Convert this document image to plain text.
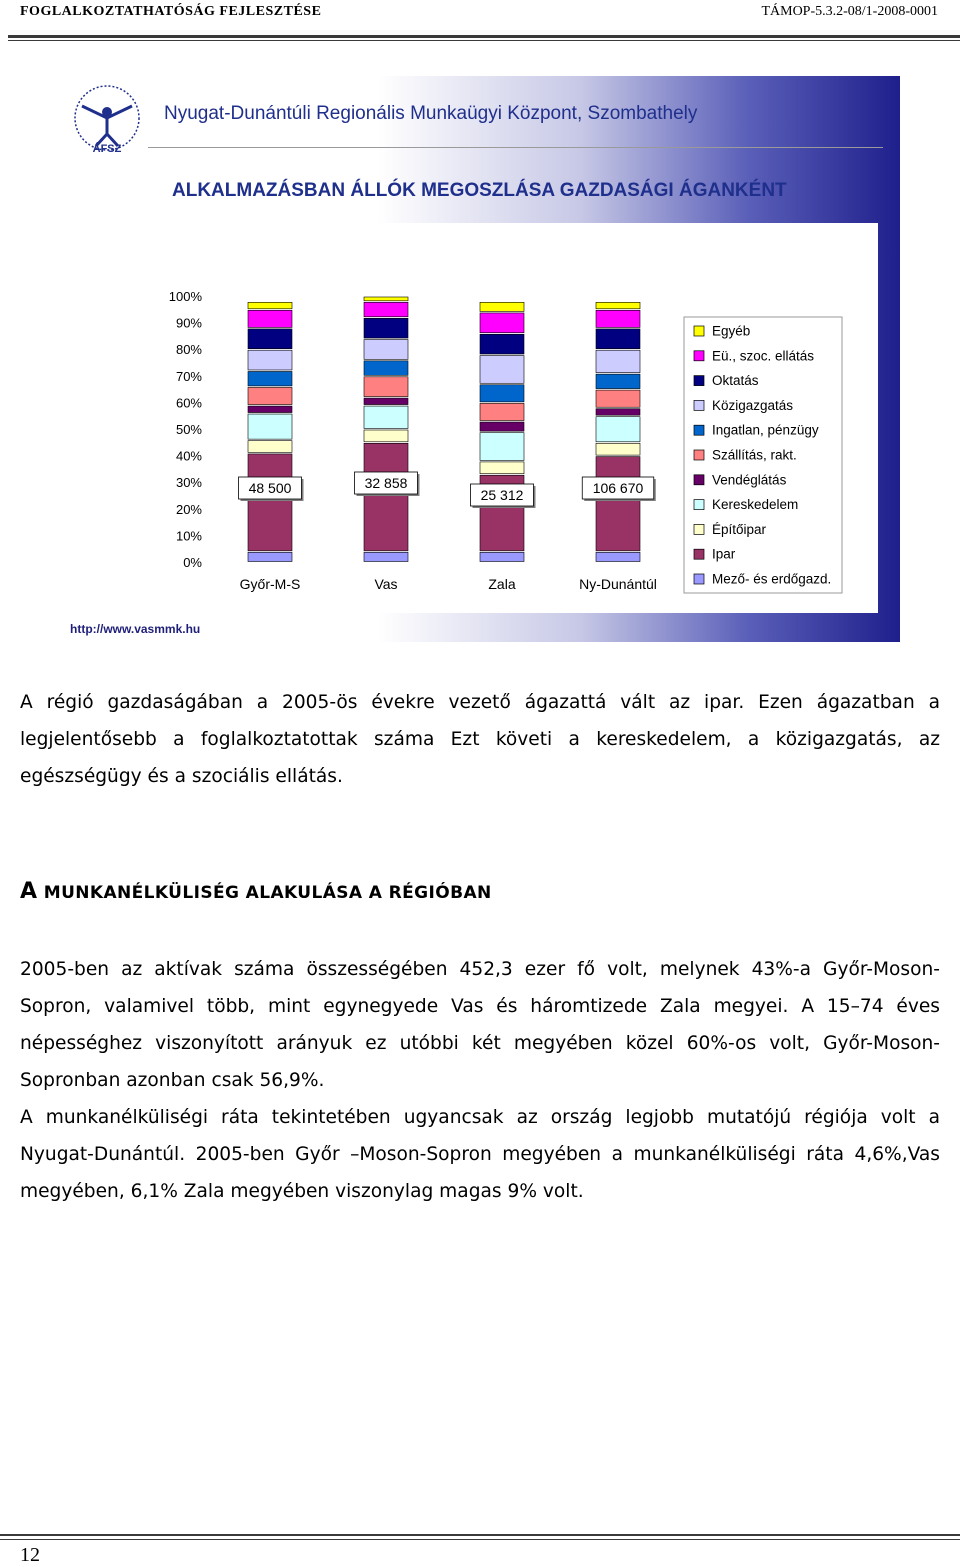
FOGLALKOZTATHATÓSÁG FEJLESZTÉSE	TÁMOP-5.3.2-08/1-2008-0001
ÁFSZ
Nyugat-Dunántúli Regionális Munkaügyi Központ, Szombathely
ALKALMAZÁSBAN ÁLLÓK MEGOSZLÁSA GAZDASÁGI ÁGANKÉNT
0%
10%
20%
30%
40%
50%
60%
70%
80%
90%
100%
Győr-M-S	Vas	Zala	Ny-Dunántúl
48 500	32 858
25 312	106 670
Egyéb
Eü., szoc. ellátás
Oktatás
Közigazgatás
Ingatlan, pénzügy
Szállítás, rakt.
Vendéglátás
Kereskedelem
Építőipar
Ipar
Mező- és erdőgazd.
http://www.vasmmk.hu
A régió gazdaságában a 2005-ös évekre vezető ágazattá vált az ipar. Ezen ágazatban a legjelentősebb a foglalkoztatottak száma Ezt követi a kereskedelem, a közigazgatás, az egészségügy és a szociális ellátás.
A MUNKANÉLKÜLISÉG ALAKULÁSA A RÉGIÓBAN
2005-ben az aktívak száma összességében 452,3 ezer fő volt, melynek 43%-a Győr-Moson-Sopron, valamivel több, mint egynegyede Vas és háromtizede Zala megyei. A 15–74 éves népességhez viszonyított arányuk ez utóbbi két megyében közel 60%-os volt, Győr-Moson-Sopronban azonban csak 56,9%.
A munkanélküliségi ráta tekintetében ugyancsak az ország legjobb mutatójú régiója volt a Nyugat-Dunántúl. 2005-ben Győr –Moson-Sopron megyében a munkanélküliségi ráta 4,6%,Vas megyében, 6,1% Zala megyében viszonylag magas 9% volt.
12
